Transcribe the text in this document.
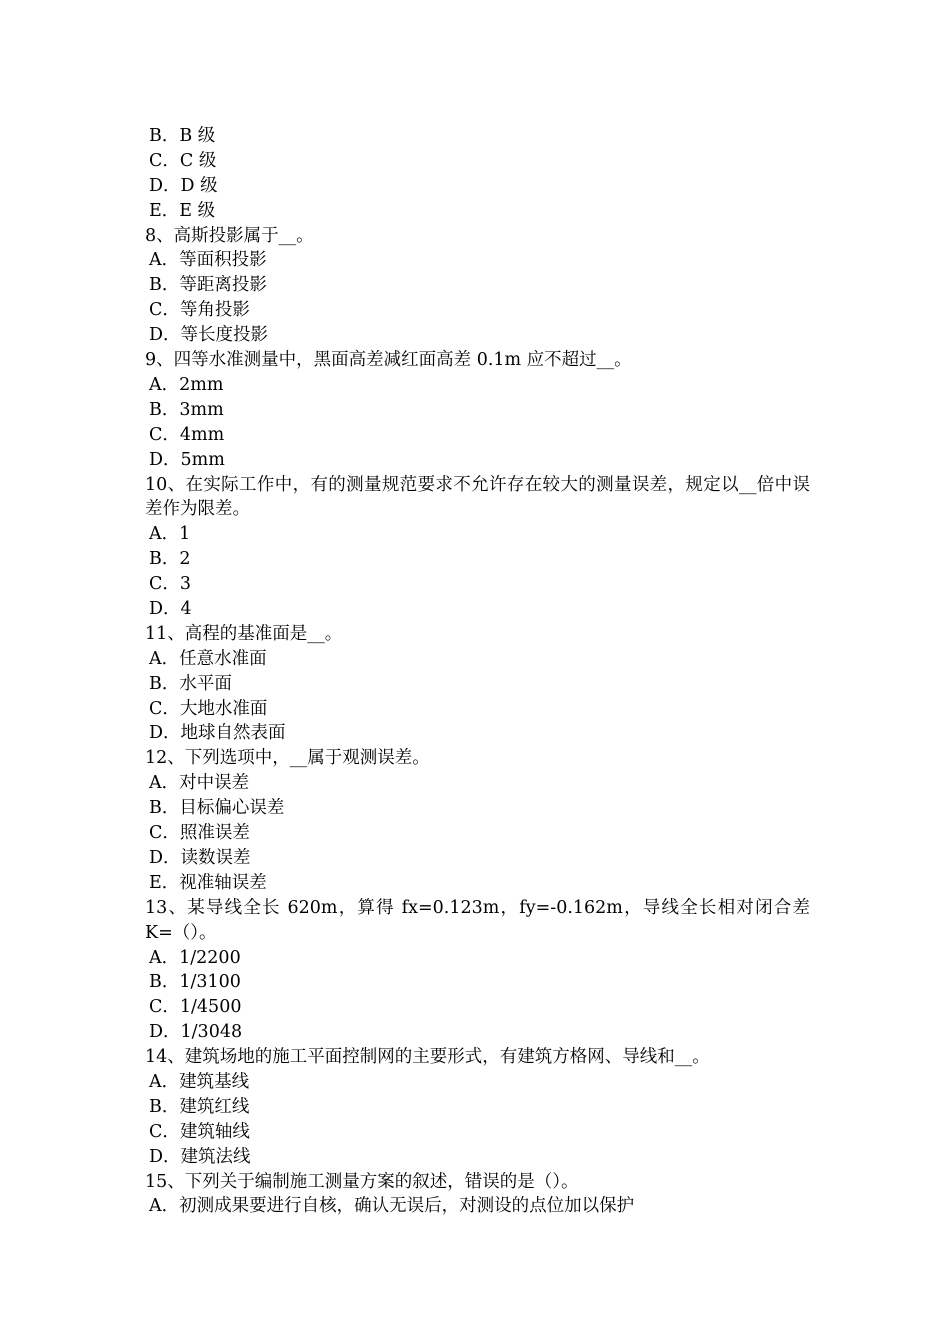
B．B 级
C．C 级
D．D 级
E．E 级
8、高斯投影属于__。
A．等面积投影
B．等距离投影
C．等角投影
D．等长度投影
9、四等水准测量中，黑面高差减红面高差 0.1m 应不超过__。
A．2mm
B．3mm
C．4mm
D．5mm
10、在实际工作中，有的测量规范要求不允许存在较大的测量误差，规定以__倍中误差作为限差。
A．1
B．2
C．3
D．4
11、高程的基准面是__。
A．任意水准面
B．水平面
C．大地水准面
D．地球自然表面
12、下列选项中，__属于观测误差。
A．对中误差
B．目标偏心误差
C．照准误差
D．读数误差
E．视准轴误差
13、某导线全长 620m，算得 fx=0.123m，fy=-0.162m，导线全长相对闭合差 K=（）。
A．1/2200
B．1/3100
C．1/4500
D．1/3048
14、建筑场地的施工平面控制网的主要形式，有建筑方格网、导线和__。
A．建筑基线
B．建筑红线
C．建筑轴线
D．建筑法线
15、下列关于编制施工测量方案的叙述，错误的是（）。
A．初测成果要进行自核，确认无误后，对测设的点位加以保护
